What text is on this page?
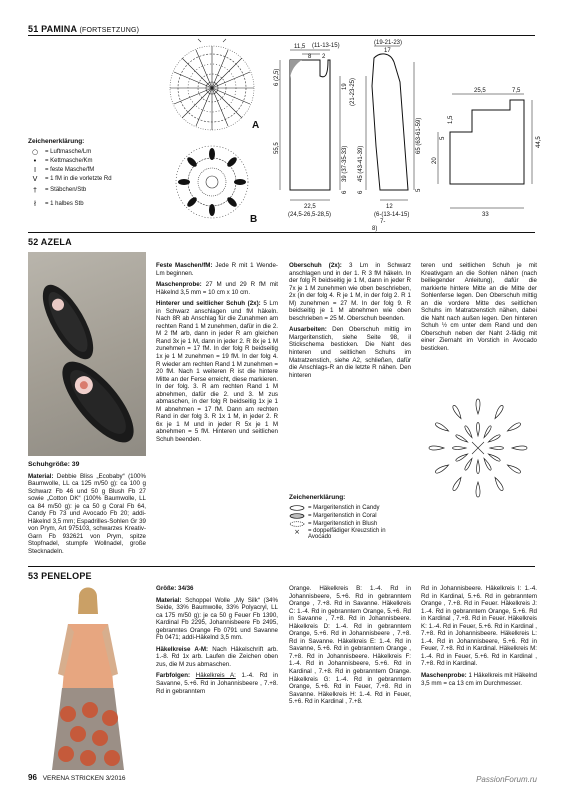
51 PAMINA (FORTSETZUNG)
A
B
Zeichenerklärung:
○	= Luftmasche/Lm
•	= Kettmasche/Km
I	= feste Masche/fM
V	= 1 fM in die vorletzte Rd
†	= Stäbchen/Stb
ł	= 1 halbes Stb
11,5 (11-13-15)
8 2
6 (2,5)
55,5
22,5
(24,5-26,5-28,5)
(19-21-23)
17
19 (21-23-25)
39 (37-35-33) 45 (43-41-39)
65 (63-61-59)
6 6
5
12
(6-(13-14-15)
7-
8)
25,5	7,5
20
5
1,5
44,5
33
52 AZELA

Schuhgröße: 39

Material: Debbie Bliss „Ecobaby“ (100% Baumwolle, LL ca 125 m/50 g): ca 100 g Schwarz Fb 46 und 50 g Blush Fb 27 sowie „Cotton DK“ (100% Baumwolle, LL ca 84 m/50 g): je ca 50 g Coral Fb 64, Candy Fb 73 und Avocado Fb 20; addi-Häkelnd 3,5 mm; Espadrilles-Sohlen Gr 39 von Prym, Art 975103, schwarzes Kreativ-Garn Fb 932621 von Prym, spitze Stopfnadel, stumpfe Wollnadel, große Stecknadeln.

Feste Maschen/fM: Jede R mit 1 Wende-Lm beginnen.

Maschenprobe: 27 M und 29 R fM mit Häkelnd 3,5 mm = 10 cm x 10 cm.

Hinterer und seitlicher Schuh (2x): 5 Lm in Schwarz anschlagen und fM häkeln. Nach 8R ab Anschlag für die Zunahmen am rechten Rand 1 M zunehmen, dafür in die 2. M 2 fM arb, dann in jeder R am gleichen Rand 3x je 1 M, dann in jeder 2. R 8x je 1 M zunehmen = 17 fM. In der folg R beidseitig 1x je 1 M zunehmen = 19 fM. In der folg 4. R wieder am rechten Rand 1 M zunehmen = 20 fM. Nach 1 weiteren R ist die hintere Mitte an der Ferse erreicht, diese markieren. In der folg. 3. R am rechten Rand 1 M abnehmen, dafür die 2. und 3. M zus abmaschen, in der folg R beidseitig 1x je 1 M abnehmen = 17 fM. Dann am rechten Rand in der folg 3. R 1x 1 M, in jeder 2. R 6x je 1 M und in jeder R 5x je 1 M abnehmen = 5 fM. Hinteren und seitlichen Schuh beenden.

Oberschuh (2x): 3 Lm in Schwarz anschlagen und in der 1. R 3 fM häkeln. In der folg R beidseitig je 1 M, dann in jeder R 7x je 1 M zunehmen wie oben beschrieben, 2x (in der folg 4. R je 1 M, in der folg 2. R 1 M) zunehmen = 27 M. In der folg 9. R beidseitig je 1 M abnehmen wie oben beschrieben = 25 M. Oberschuh beenden.

Ausarbeiten: Den Oberschuh mittig im Margeritenstich, siehe Seite 98, il Stickschema besticken. Die Naht des hinteren und seitlichen Schuhs im Matratzenstich, siehe A2, schließen, dafür die Anschlags-R an die letzte R nähen. Den hinteren

teren und seitlichen Schuh je mit Kreativgarn an die Sohlen nähen (nach beiliegender Anleitung), dafür die markierte hintere Mitte an die Mitte der Sohlenferse legen. Den Oberschuh mittig an die vordere Mitte des seitlichen Schuhs im Matratzenstich nähen, dabei die Naht nach außen legen. Den hinteren Schuh ½ cm unter dem Rand und den Oberschuh neben der Naht 2-fädig mit einer Ziernaht im Vorstich in Avocado besticken.

Zeichenerklärung:
= Margeritenstich in Candy
= Margeritenstich in Coral
= Margeritenstich in Blush
×	= doppelfädiger Kreuzstich in Avocado
53 PENELOPE

Größe: 34/36

Material: Schoppel Wolle „My Silk“ (34% Seide, 33% Baumwolle, 33% Polyacryl, LL ca 175 m/50 g): je ca 50 g Feuer Fb 1390, Kardinal Fb 2295, Johannisbeere Fb 2495, gebranntes Orange Fb 0791 und Savanne Fb 0471; addi-Häkelnd 3,5 mm.

Häkelkreise A-M: Nach Häkelschrift arb. 1.-8. Rd 1x arb. Laufen die Zeichen oben zus, die M zus abmaschen.

Farbfolgen: Häkelkreis A: 1.-4. Rd in Savanne, 5.+6. Rd in Johannisbeere , 7.+8. Rd in gebranntem

Orange. Häkelkreis B: 1.-4. Rd in Johannisbeere, 5.+6. Rd in gebranntem Orange , 7.+8. Rd in Savanne. Häkelkreis C: 1.-4. Rd in gebranntem Orange, 5.+6. Rd in Savanne , 7.+8. Rd in Johannisbeere. Häkelkreis D: 1.-4. Rd in gebranntem Orange, 5.+6. Rd in Johannisbeere , 7.+8. Rd in Savanne. Häkelkreis E: 1.-4. Rd in Savanne, 5.+6. Rd in gebranntem Orange , 7.+8. Rd in Johannisbeere. Häkelkreis F: 1.-4. Rd in Johannisbeere, 5.+6. Rd in Kardinal , 7.+8. Rd in gebranntem Orange. Häkelkreis G: 1.-4. Rd in gebranntem Orange, 5.+6. Rd in Feuer, 7.+8. Rd in Savanne. Häkelkreis H: 1.-4. Rd in Feuer, 5.+6. Rd in Kardinal , 7.+8.

Rd in Johannisbeere. Häkelkreis I: 1.-4. Rd in Kardinal, 5.+6. Rd in gebranntem Orange , 7.+8. Rd in Feuer. Häkelkreis J: 1.-4. Rd in gebranntem Orange, 5.+6. Rd in Kardinal , 7.+8. Rd in Feuer. Häkelkreis K: 1.-4. Rd in Feuer, 5.+6. Rd in Kardinal , 7.+8. Rd in Johannisbeere. Häkelkreis L: 1.-4. Rd in Johannisbeere, 5.+6. Rd in Feuer, 7.+8. Rd in Kardinal. Häkelkreis M: 1.-4. Rd in Feuer, 5.+6. Rd in Kardinal , 7.+8. Rd in Kardinal.

Maschenprobe: 1 Häkelkreis mit Häkelnd 3,5 mm = ca 13 cm im Durchmesser.

96 VERENA STRICKEN 3/2016	PassionForum.ru
